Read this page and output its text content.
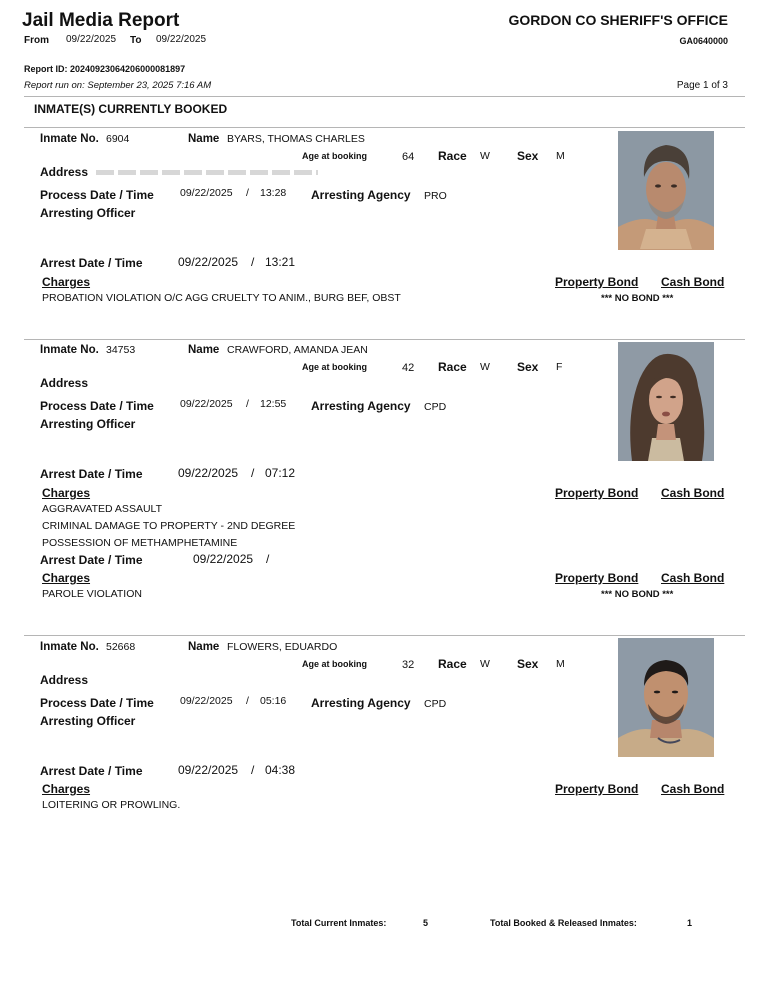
Jail Media Report	GORDON CO SHERIFF'S OFFICE
From 09/22/2025 To 09/22/2025	GA0640000
Report ID: 20240923064206000081897
Report run on: September 23, 2025 7:16 AM	Page 1 of 3
INMATE(S) CURRENTLY BOOKED
Inmate No. 6904	Name BYARS, THOMAS CHARLES
Age at booking	64 Race W Sex M
Address
Process Date / Time 09/22/2025 / 13:28 Arresting Agency PRO
Arresting Officer
Arrest Date / Time	09/22/2025 / 13:21
Charges	Property Bond Cash Bond
PROBATION VIOLATION O/C AGG CRUELTY TO ANIM., BURG BEF, OBST	*** NO BOND ***
Inmate No. 34753	Name CRAWFORD, AMANDA JEAN
Age at booking	42 Race W Sex F
Address
Process Date / Time 09/22/2025 / 12:55 Arresting Agency CPD
Arresting Officer
Arrest Date / Time	09/22/2025 / 07:12
Charges	Property Bond Cash Bond
AGGRAVATED ASSAULT
CRIMINAL DAMAGE TO PROPERTY - 2ND DEGREE
POSSESSION OF METHAMPHETAMINE
Arrest Date / Time	09/22/2025 /
Charges	Property Bond Cash Bond
PAROLE VIOLATION	*** NO BOND ***
Inmate No. 52668	Name FLOWERS, EDUARDO
Age at booking	32 Race W Sex M
Address
Process Date / Time 09/22/2025 / 05:16 Arresting Agency CPD
Arresting Officer
Arrest Date / Time	09/22/2025 / 04:38
Charges	Property Bond Cash Bond
LOITERING OR PROWLING.
Total Current Inmates:	5	Total Booked & Released Inmates:	1
